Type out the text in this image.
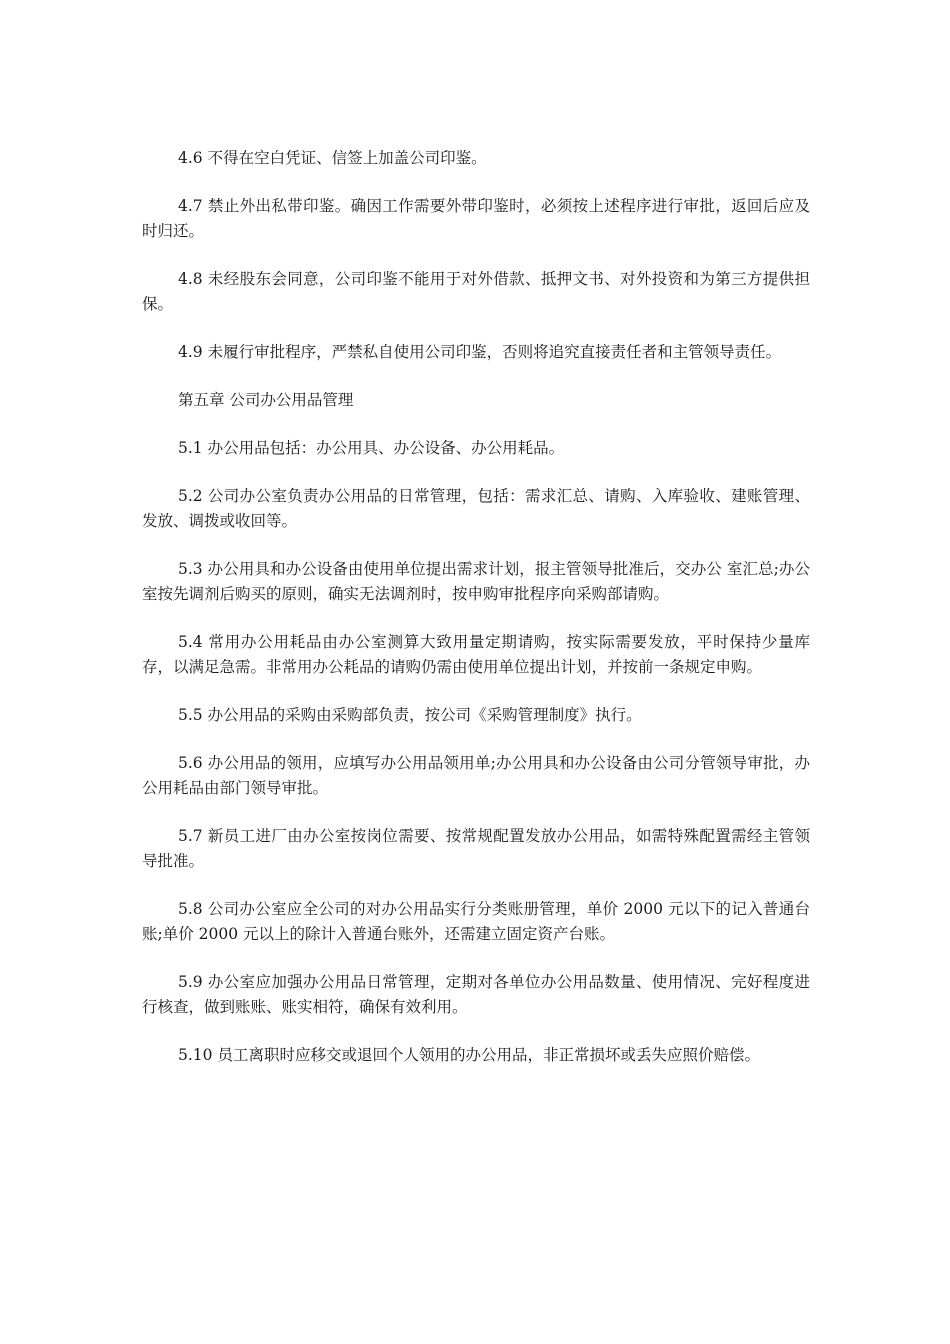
4.6 不得在空白凭证、信签上加盖公司印鉴。

4.7 禁止外出私带印鉴。确因工作需要外带印鉴时，必须按上述程序进行审批，返回后应及时归还。

4.8 未经股东会同意，公司印鉴不能用于对外借款、抵押文书、对外投资和为第三方提供担保。

4.9 未履行审批程序，严禁私自使用公司印鉴，否则将追究直接责任者和主管领导责任。

第五章 公司办公用品管理

5.1 办公用品包括：办公用具、办公设备、办公用耗品。

5.2 公司办公室负责办公用品的日常管理，包括：需求汇总、请购、入库验收、建账管理、发放、调拨或收回等。

5.3 办公用具和办公设备由使用单位提出需求计划，报主管领导批准后，交办公 室汇总;办公室按先调剂后购买的原则，确实无法调剂时，按申购审批程序向采购部请购。

5.4 常用办公用耗品由办公室测算大致用量定期请购，按实际需要发放，平时保持少量库存，以满足急需。非常用办公耗品的请购仍需由使用单位提出计划，并按前一条规定申购。

5.5 办公用品的采购由采购部负责，按公司《采购管理制度》执行。

5.6 办公用品的领用，应填写办公用品领用单;办公用具和办公设备由公司分管领导审批，办公用耗品由部门领导审批。

5.7 新员工进厂由办公室按岗位需要、按常规配置发放办公用品，如需特殊配置需经主管领导批准。

5.8 公司办公室应全公司的对办公用品实行分类账册管理，单价 2000 元以下的记入普通台账;单价 2000 元以上的除计入普通台账外，还需建立固定资产台账。

5.9 办公室应加强办公用品日常管理，定期对各单位办公用品数量、使用情况、完好程度进行核查，做到账账、账实相符，确保有效利用。

5.10 员工离职时应移交或退回个人领用的办公用品，非正常损坏或丢失应照价赔偿。
